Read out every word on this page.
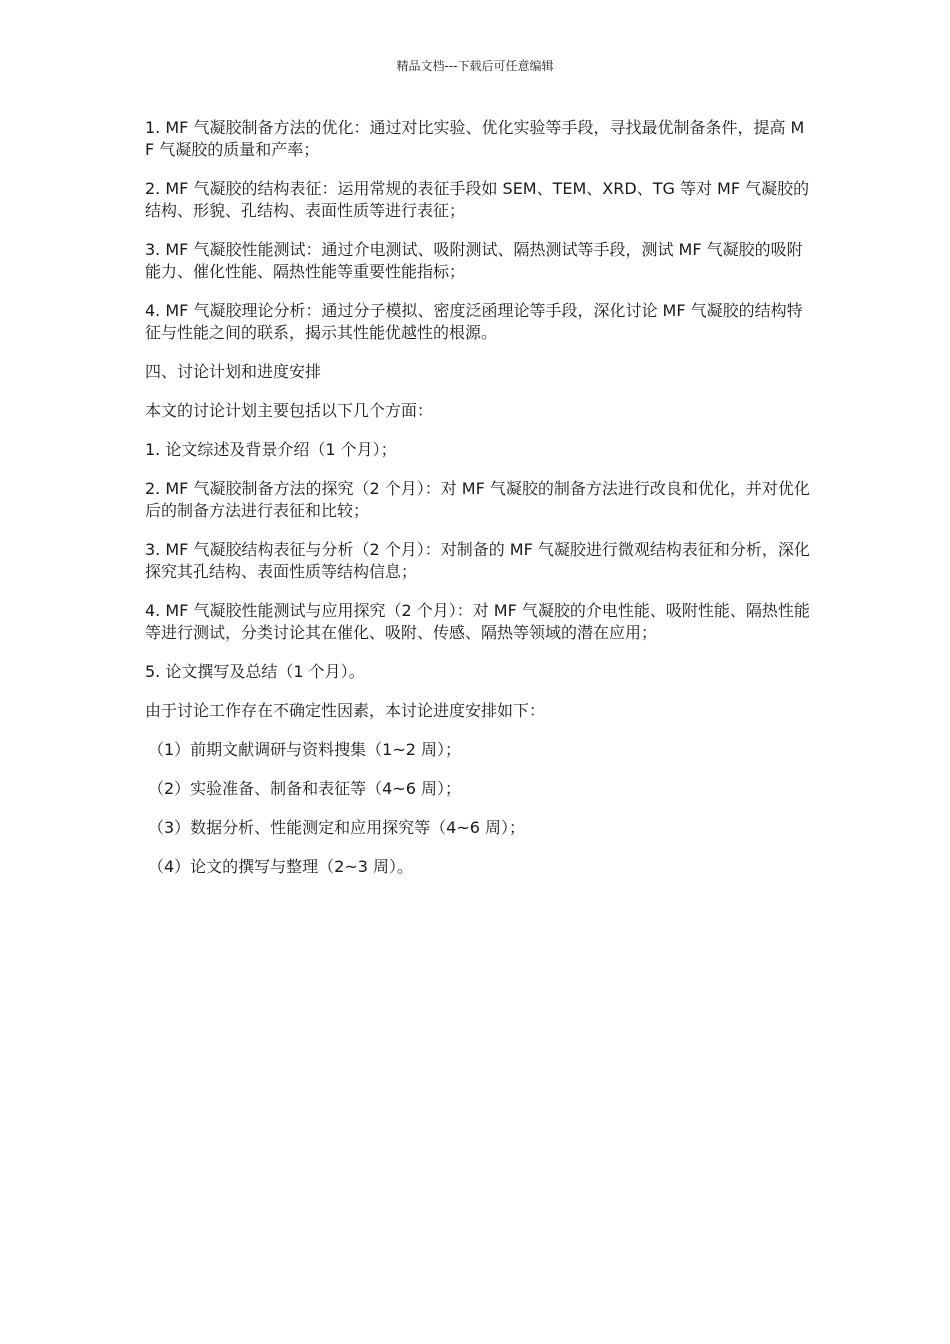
精品文档---下载后可任意编辑

1. MF 气凝胶制备方法的优化：通过对比实验、优化实验等手段，寻找最优制备条件，提高 MF 气凝胶的质量和产率；

2. MF 气凝胶的结构表征：运用常规的表征手段如 SEM、TEM、XRD、TG 等对 MF 气凝胶的结构、形貌、孔结构、表面性质等进行表征；

3. MF 气凝胶性能测试：通过介电测试、吸附测试、隔热测试等手段，测试 MF 气凝胶的吸附能力、催化性能、隔热性能等重要性能指标；

4. MF 气凝胶理论分析：通过分子模拟、密度泛函理论等手段，深化讨论 MF 气凝胶的结构特征与性能之间的联系，揭示其性能优越性的根源。

四、讨论计划和进度安排

本文的讨论计划主要包括以下几个方面：

1. 论文综述及背景介绍（1 个月）；

2. MF 气凝胶制备方法的探究（2 个月）：对 MF 气凝胶的制备方法进行改良和优化，并对优化后的制备方法进行表征和比较；

3. MF 气凝胶结构表征与分析（2 个月）：对制备的 MF 气凝胶进行微观结构表征和分析，深化探究其孔结构、表面性质等结构信息；

4. MF 气凝胶性能测试与应用探究（2 个月）：对 MF 气凝胶的介电性能、吸附性能、隔热性能等进行测试，分类讨论其在催化、吸附、传感、隔热等领域的潜在应用；

5. 论文撰写及总结（1 个月）。

由于讨论工作存在不确定性因素，本讨论进度安排如下：

（1）前期文献调研与资料搜集（1~2 周）；

（2）实验准备、制备和表征等（4~6 周）；

（3）数据分析、性能测定和应用探究等（4~6 周）；

（4）论文的撰写与整理（2~3 周）。
